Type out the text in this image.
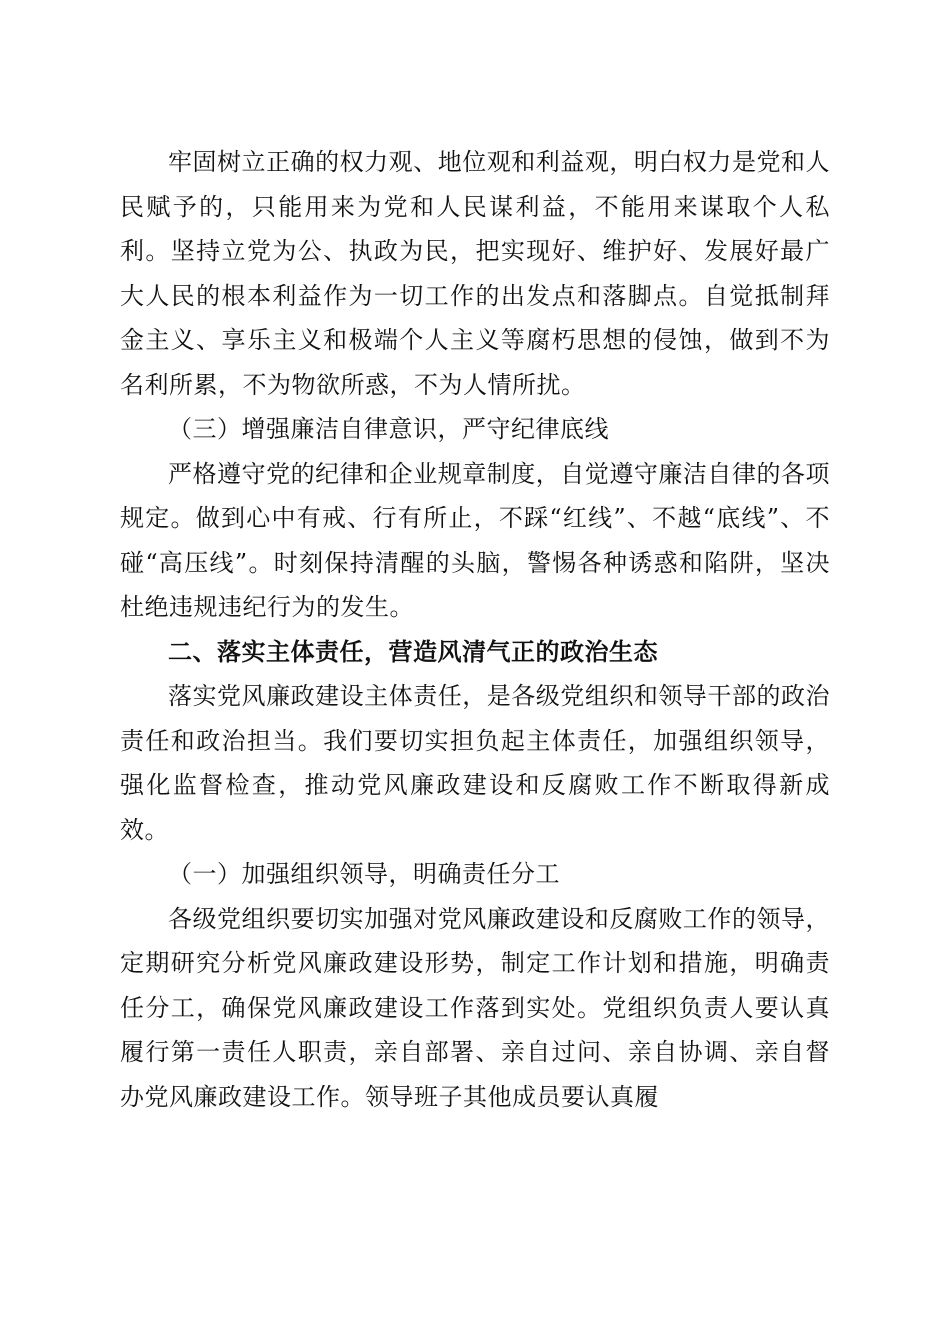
牢固树立正确的权力观、地位观和利益观，明白权力是党和人民赋予的，只能用来为党和人民谋利益，不能用来谋取个人私利。坚持立党为公、执政为民，把实现好、维护好、发展好最广大人民的根本利益作为一切工作的出发点和落脚点。自觉抵制拜金主义、享乐主义和极端个人主义等腐朽思想的侵蚀，做到不为名利所累，不为物欲所惑，不为人情所扰。

（三）增强廉洁自律意识，严守纪律底线

严格遵守党的纪律和企业规章制度，自觉遵守廉洁自律的各项规定。做到心中有戒、行有所止，不踩“红线”、不越“底线”、不碰“高压线”。时刻保持清醒的头脑，警惕各种诱惑和陷阱，坚决杜绝违规违纪行为的发生。

二、落实主体责任，营造风清气正的政治生态

落实党风廉政建设主体责任，是各级党组织和领导干部的政治责任和政治担当。我们要切实担负起主体责任，加强组织领导，强化监督检查，推动党风廉政建设和反腐败工作不断取得新成效。

（一）加强组织领导，明确责任分工

各级党组织要切实加强对党风廉政建设和反腐败工作的领导，定期研究分析党风廉政建设形势，制定工作计划和措施，明确责任分工，确保党风廉政建设工作落到实处。党组织负责人要认真履行第一责任人职责，亲自部署、亲自过问、亲自协调、亲自督办党风廉政建设工作。领导班子其他成员要认真履
